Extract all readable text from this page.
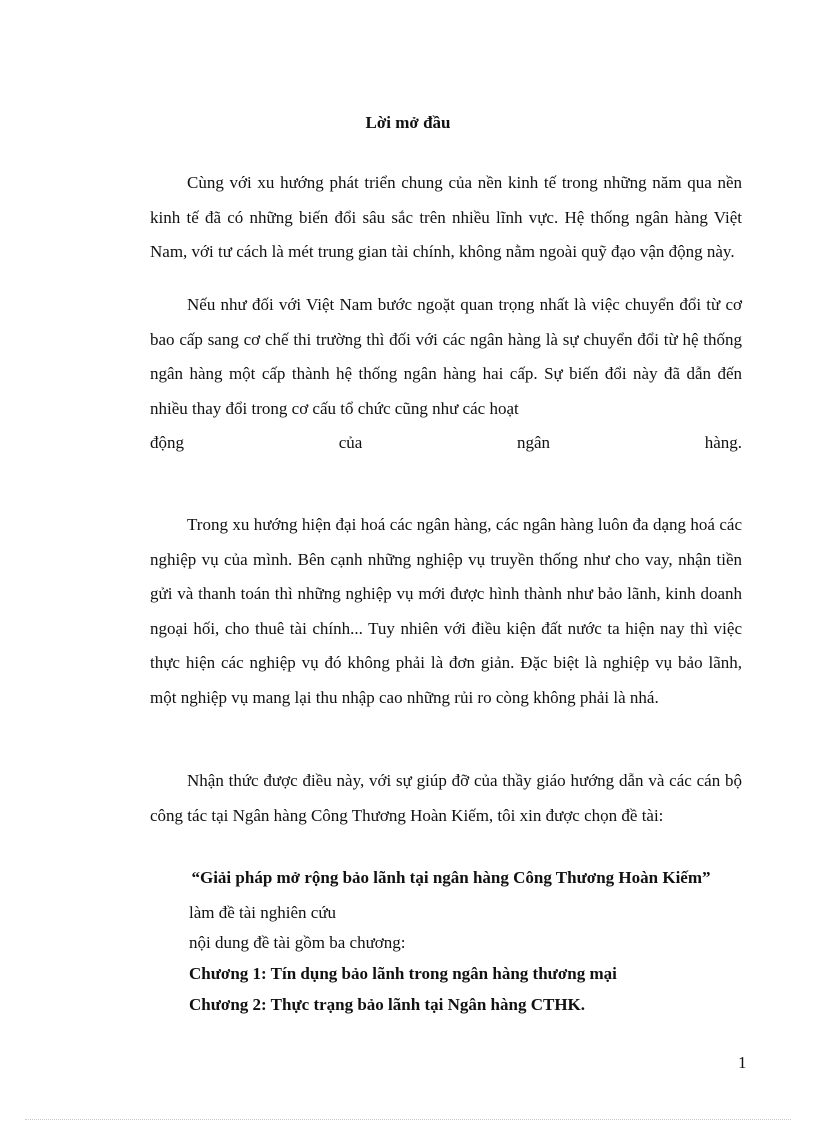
Lời mở đầu

Cùng với xu hướng phát triển chung của nền kinh tế trong những năm qua nền kinh tế đã có những biến đổi sâu sắc trên nhiều lĩnh vực. Hệ thống ngân hàng Việt Nam, với tư cách là mét trung gian tài chính, không nằm ngoài quỹ đạo vận động này.

Nếu như đối với Việt Nam bước ngoặt quan trọng nhất là việc chuyển đổi từ cơ bao cấp sang cơ chế thi trường thì đối với các ngân hàng là sự chuyển đổi từ hệ thống ngân hàng một cấp thành hệ thống ngân hàng hai cấp. Sự biến đổi này đã dẫn đến nhiều thay đổi trong cơ cấu tổ chức cũng như các hoạt
động	của	ngân	hàng.

Trong xu hướng hiện đại hoá các ngân hàng, các ngân hàng luôn đa dạng hoá các nghiệp vụ của mình. Bên cạnh những nghiệp vụ truyền thống như cho vay, nhận tiền gửi và thanh toán thì những nghiệp vụ mới được hình thành như bảo lãnh, kinh doanh ngoại hối, cho thuê tài chính... Tuy nhiên với điều kiện đất nước ta hiện nay thì việc thực hiện các nghiệp vụ đó không phải là đơn giản. Đặc biệt là nghiệp vụ bảo lãnh, một nghiệp vụ mang lại thu nhập cao những rủi ro còng không phải là nhá.

Nhận thức được điều này, với sự giúp đỡ của thầy giáo hướng dẫn và các cán bộ công tác tại Ngân hàng Công Thương Hoàn Kiếm, tôi xin được chọn đề tài:

“Giải pháp mở rộng bảo lãnh tại ngân hàng Công Thương Hoàn Kiếm”
làm đề tài nghiên cứu
nội dung đề tài gồm ba chương:
Chương 1: Tín dụng bảo lãnh trong ngân hàng thương mại
Chương 2: Thực trạng bảo lãnh tại Ngân hàng CTHK.
1
